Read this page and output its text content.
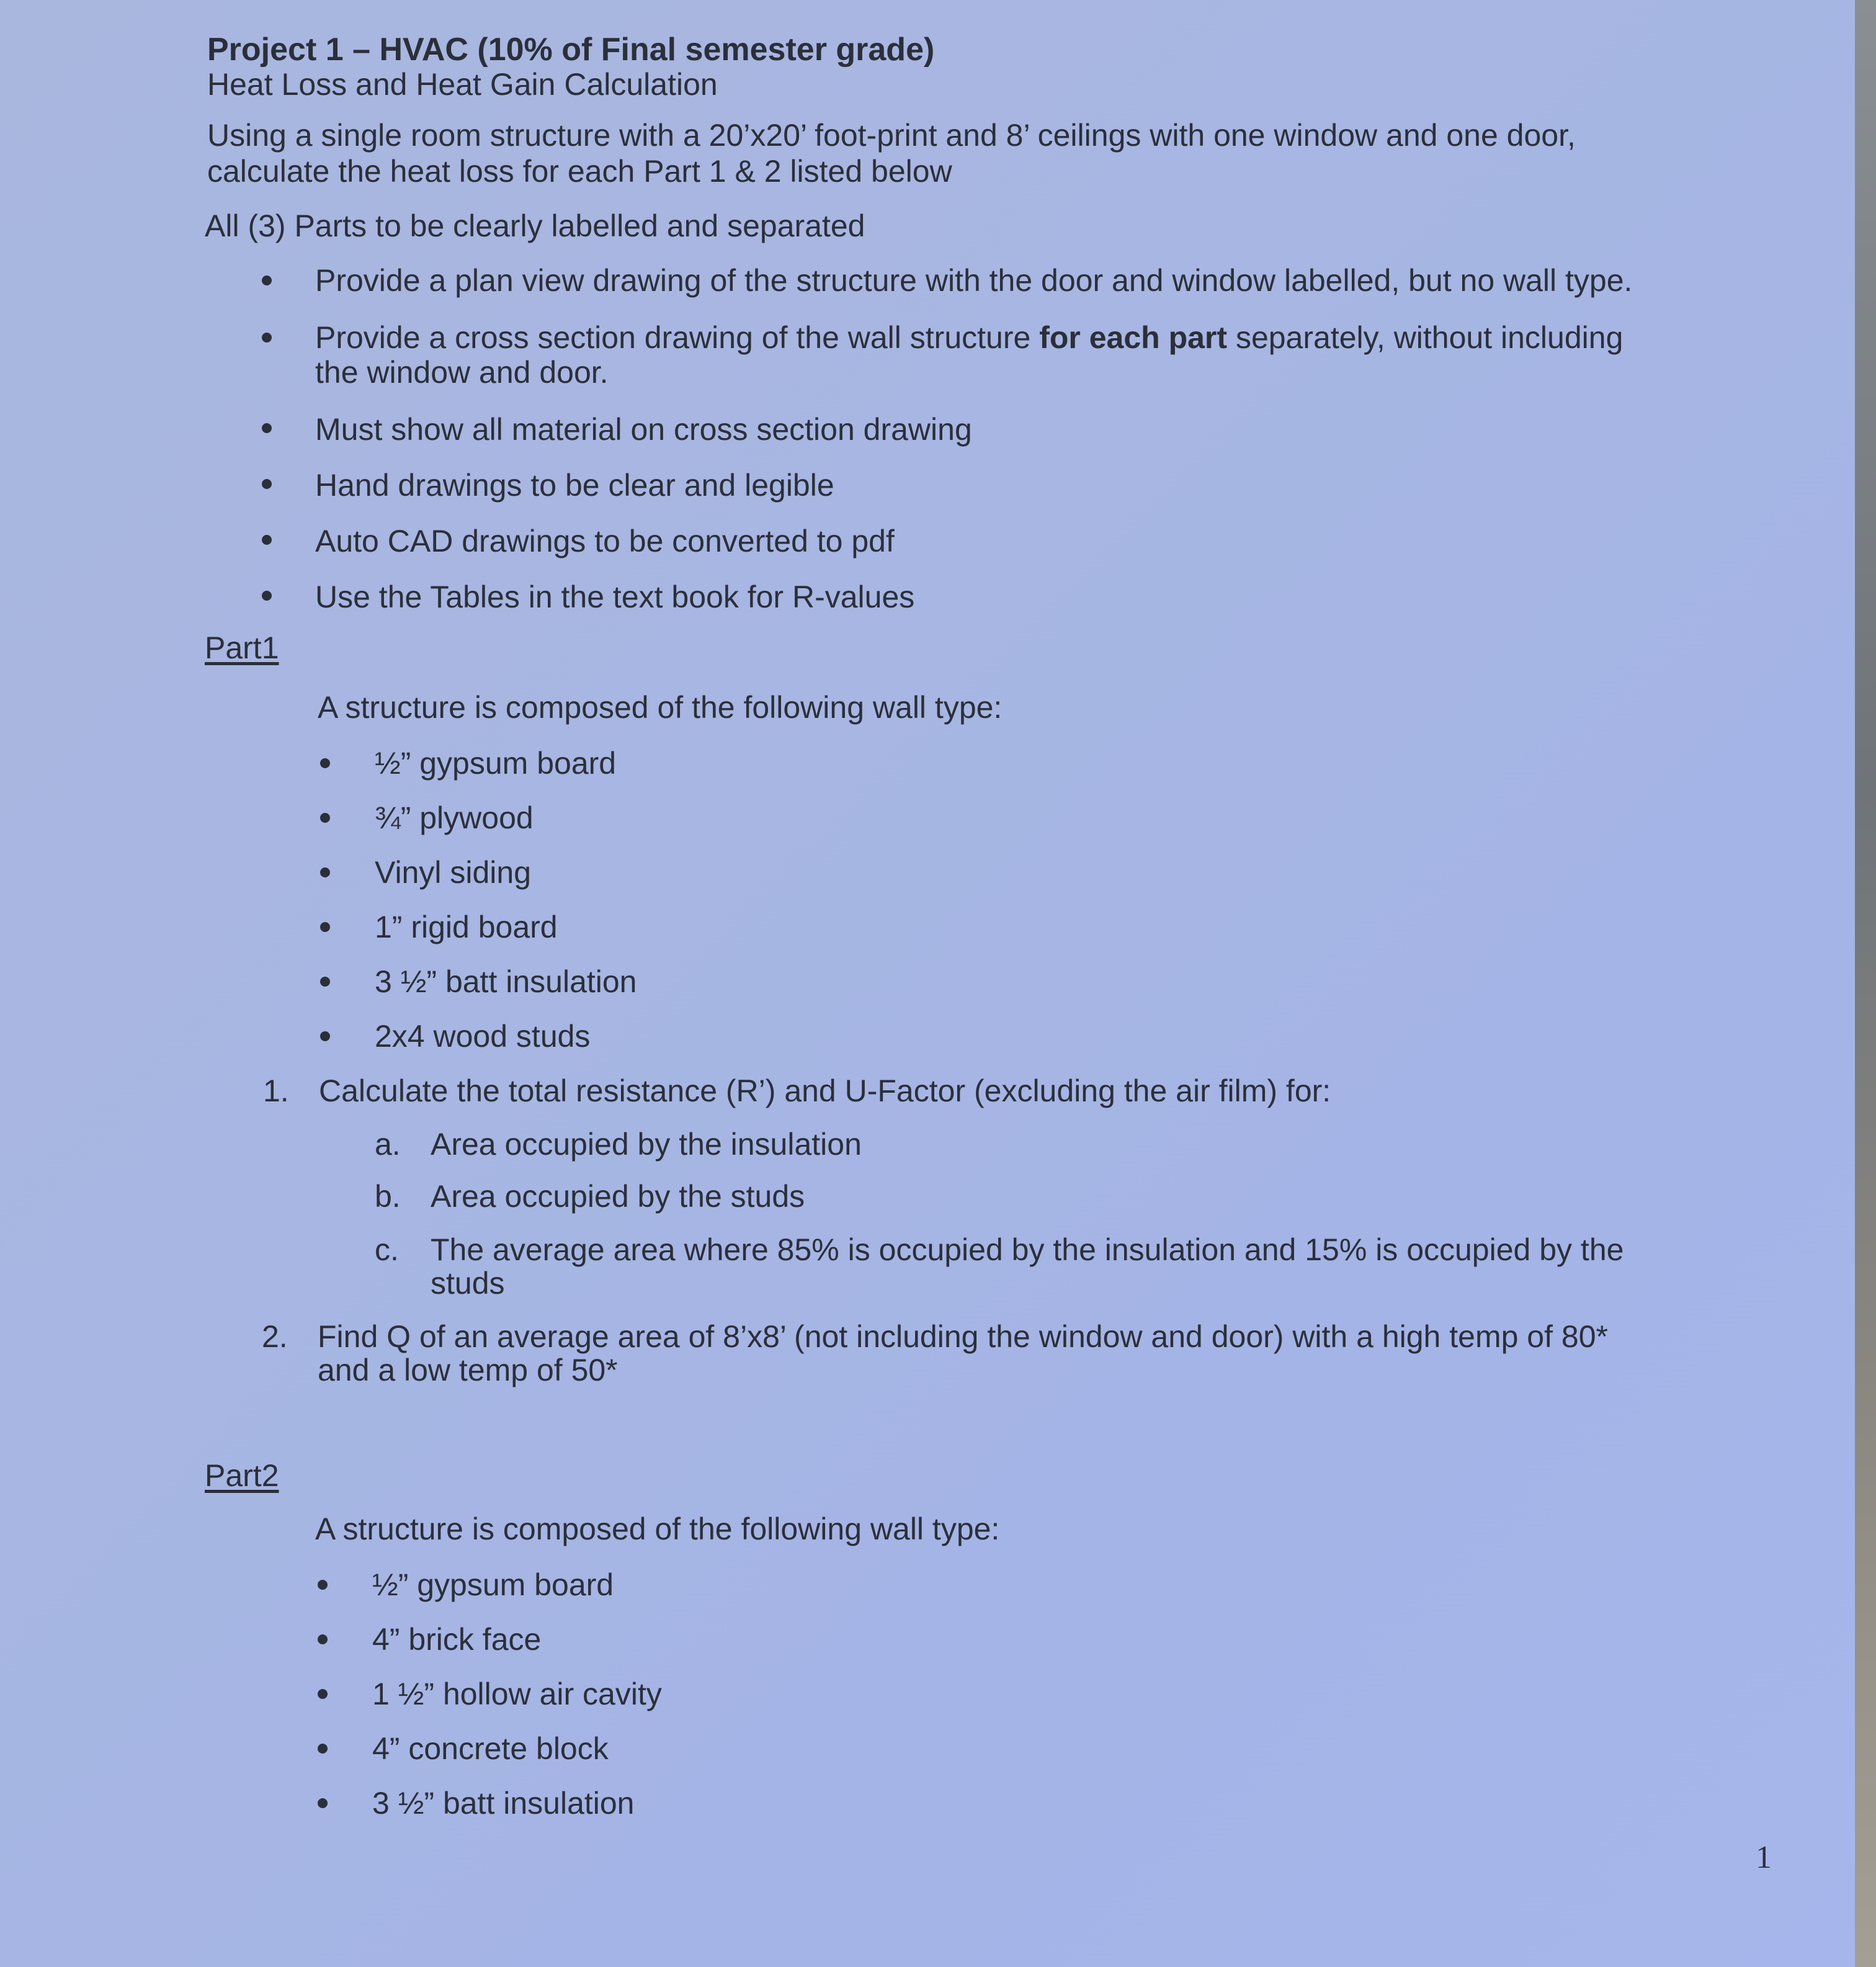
Project 1 – HVAC (10% of Final semester grade)
Heat Loss and Heat Gain Calculation
Using a single room structure with a 20’x20’ foot-print and 8’ ceilings with one window and one door,
calculate the heat loss for each Part 1 & 2 listed below
All (3) Parts to be clearly labelled and separated
Provide a plan view drawing of the structure with the door and window labelled, but no wall type.
Provide a cross section drawing of the wall structure for each part separately, without including
the window and door.
Must show all material on cross section drawing
Hand drawings to be clear and legible
Auto CAD drawings to be converted to pdf
Use the Tables in the text book for R-values
Part1
A structure is composed of the following wall type:
½” gypsum board
¾” plywood
Vinyl siding
1” rigid board
3 ½” batt insulation
2x4 wood studs
1. Calculate the total resistance (R’) and U-Factor (excluding the air film) for:
a. Area occupied by the insulation
b. Area occupied by the studs
c. The average area where 85% is occupied by the insulation and 15% is occupied by the
studs
2. Find Q of an average area of 8’x8’ (not including the window and door) with a high temp of 80*
and a low temp of 50*
Part2
A structure is composed of the following wall type:
½” gypsum board
4” brick face
1 ½” hollow air cavity
4” concrete block
3 ½” batt insulation
1
